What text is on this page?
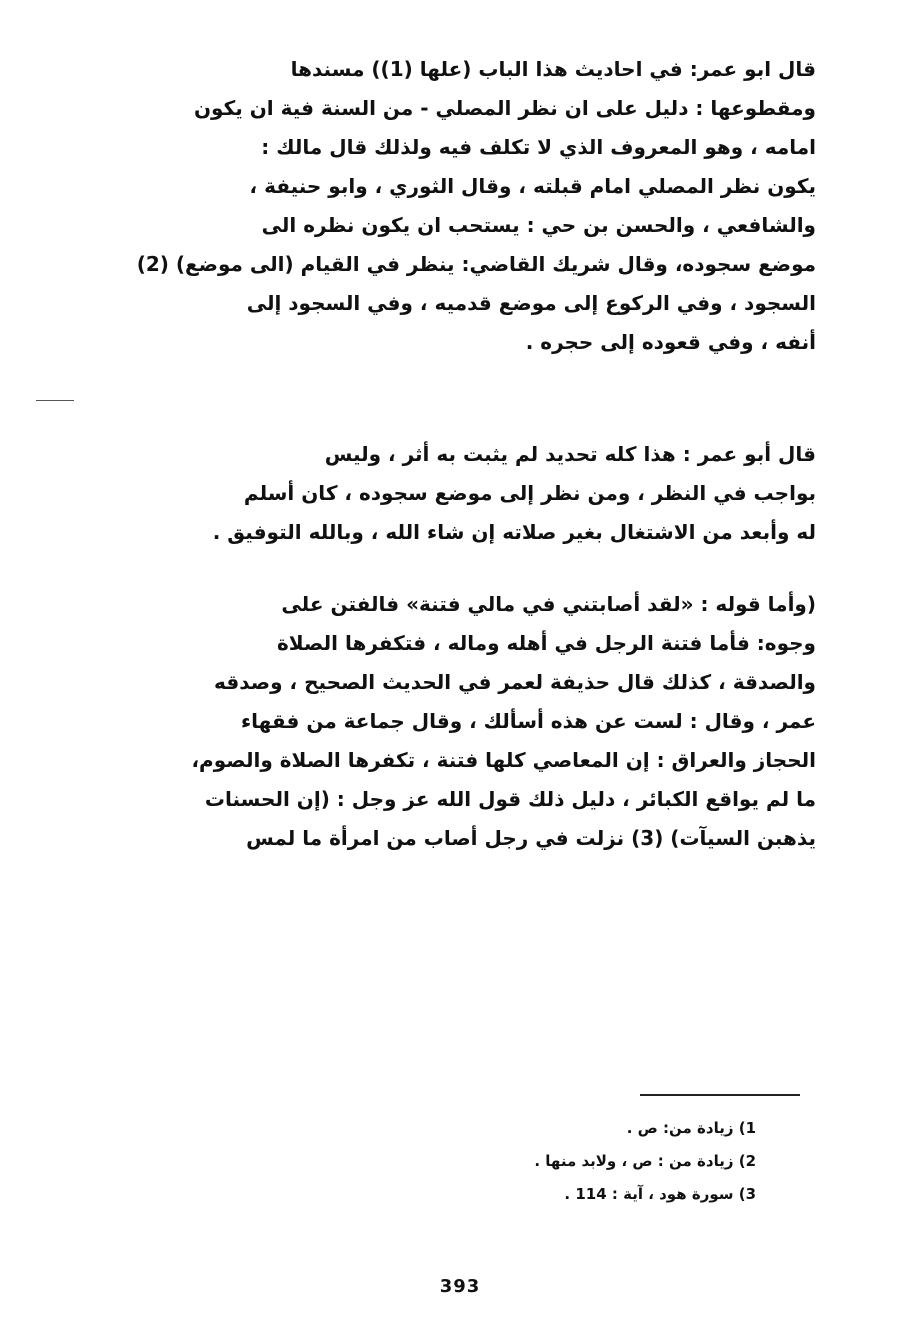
قال ابو عمر: في احاديث هذا الباب (علها (1)) مسندها
ومقطوعها : دليل على ان نظر المصلي - من السنة فية ان يكون
امامه ، وهو المعروف الذي لا تكلف فيه ولذلك قال مالك :
يكون نظر المصلي امام قبلته ، وقال الثوري ، وابو حنيفة ،
والشافعي ، والحسن بن حي : يستحب ان يكون نظره الى
موضع سجوده، وقال شريك القاضي: ينظر في القيام (الى موضع) (2)
السجود ، وفي الركوع إلى موضع قدميه ، وفي السجود إلى
أنفه ، وفي قعوده إلى حجره .
قال أبو عمر : هذا كله تحديد لم يثبت به أثر ، وليس
بواجب في النظر ، ومن نظر إلى موضع سجوده ، كان أسلم
له وأبعد من الاشتغال بغير صلاته إن شاء الله ، وبالله التوفيق .
(وأما قوله : «لقد أصابتني في مالي فتنة» فالفتن على
وجوه: فأما فتنة الرجل في أهله وماله ، فتكفرها الصلاة
والصدقة ، كذلك قال حذيفة لعمر في الحديث الصحيح ، وصدقه
عمر ، وقال : لست عن هذه أسألك ، وقال جماعة من فقهاء
الحجاز والعراق : إن المعاصي كلها فتنة ، تكفرها الصلاة والصوم،
ما لم يواقع الكبائر ، دليل ذلك قول الله عز وجل : (إن الحسنات
يذهبن السيآت) (3) نزلت في رجل أصاب من امرأة ما لمس
1) زيادة من: ص .
2) زيادة من : ص ، ولابد منها .
3) سورة هود ، آية : 114 .
393
